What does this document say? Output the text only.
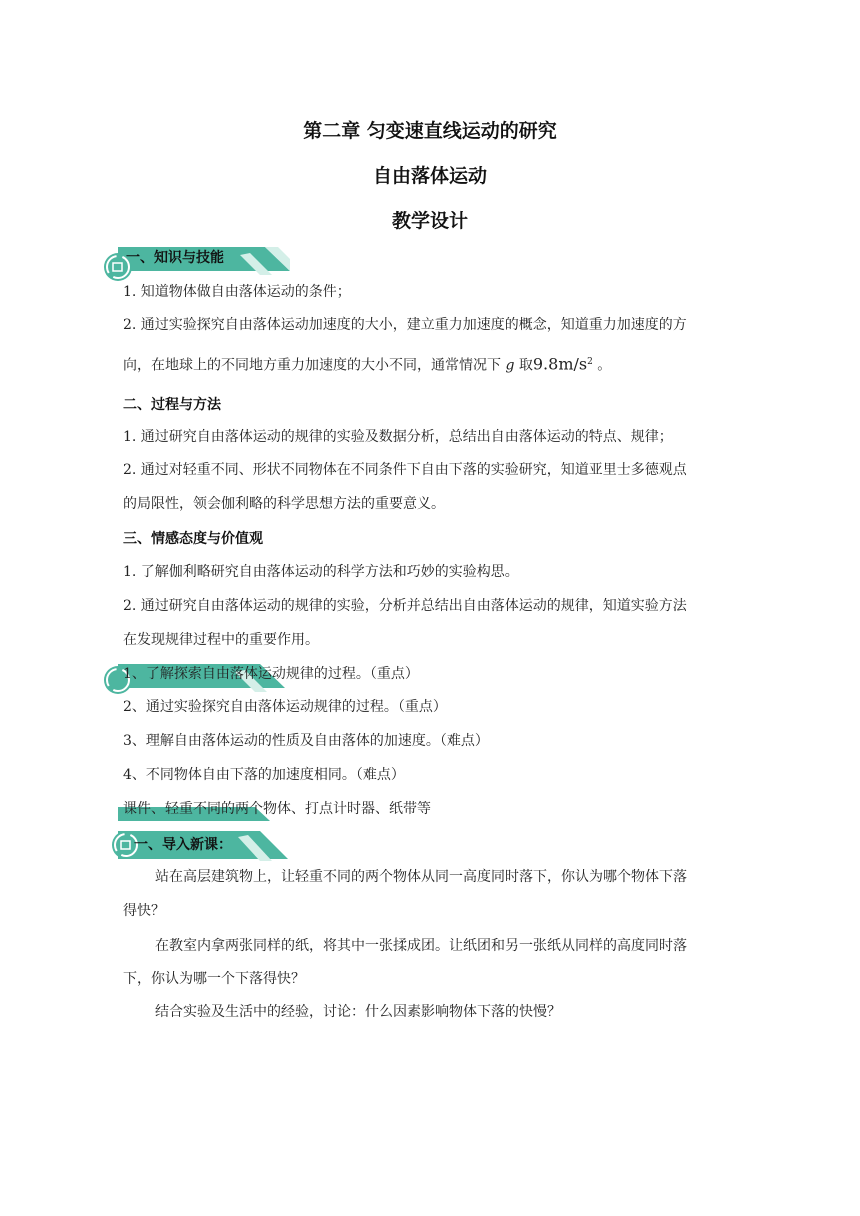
第二章 匀变速直线运动的研究
自由落体运动
教学设计
一、知识与技能
1. 知道物体做自由落体运动的条件；
2. 通过实验探究自由落体运动加速度的大小，建立重力加速度的概念，知道重力加速度的方
向，在地球上的不同地方重力加速度的大小不同，通常情况下 g 取$9.8m/s^2$ 。
二、过程与方法
1. 通过研究自由落体运动的规律的实验及数据分析，总结出自由落体运动的特点、规律；
2. 通过对轻重不同、形状不同物体在不同条件下自由下落的实验研究，知道亚里士多德观点
的局限性，领会伽利略的科学思想方法的重要意义。
三、情感态度与价值观
1. 了解伽利略研究自由落体运动的科学方法和巧妙的实验构思。
2. 通过研究自由落体运动的规律的实验，分析并总结出自由落体运动的规律，知道实验方法
在发现规律过程中的重要作用。
1、了解探索自由落体运动规律的过程。（重点）
2、通过实验探究自由落体运动规律的过程。（重点）
3、理解自由落体运动的性质及自由落体的加速度。（难点）
4、不同物体自由下落的加速度相同。（难点）
一、导入新课：
课件、轻重不同的两个物体、打点计时器、纸带等
站在高层建筑物上，让轻重不同的两个物体从同一高度同时落下，你认为哪个物体下落
得快？
在教室内拿两张同样的纸，将其中一张揉成团。让纸团和另一张纸从同样的高度同时落
下，你认为哪一个下落得快？
结合实验及生活中的经验，讨论：什么因素影响物体下落的快慢？
